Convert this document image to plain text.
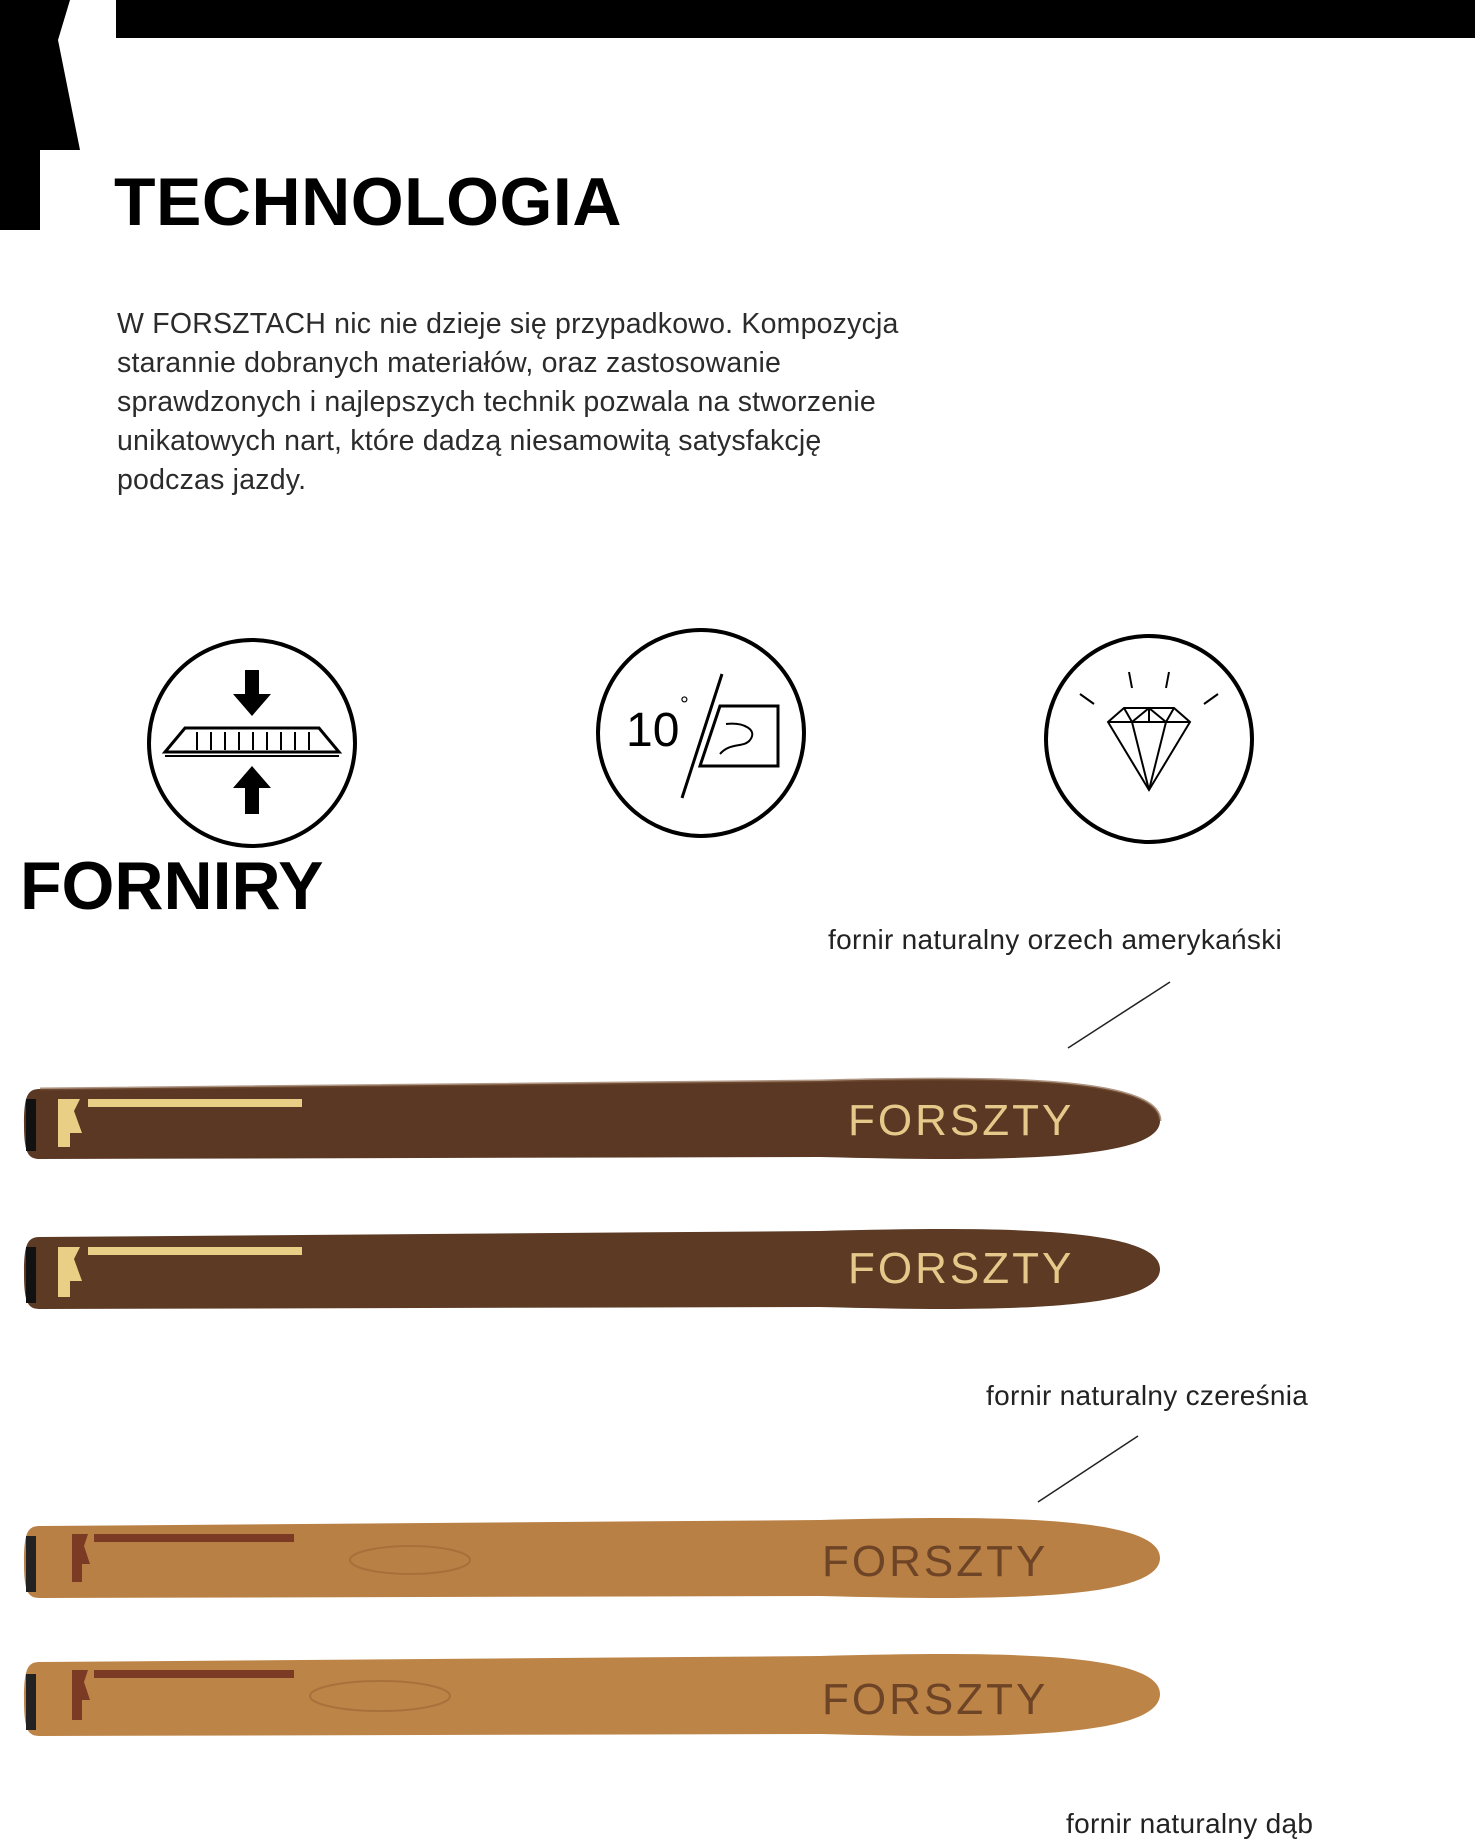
TECHNOLOGIA
W FORSZTACH nic nie dzieje się przypadkowo. Kompozycja
starannie dobranych materiałów, oraz zastosowanie
sprawdzonych i najlepszych technik pozwala na stworzenie
unikatowych nart, które dadzą niesamowitą satysfakcję
podczas jazdy.
10 °
FORNIRY
fornir naturalny orzech amerykański
FORSZTY
FORSZTY
fornir naturalny czereśnia
FORSZTY
FORSZTY
fornir naturalny dąb
